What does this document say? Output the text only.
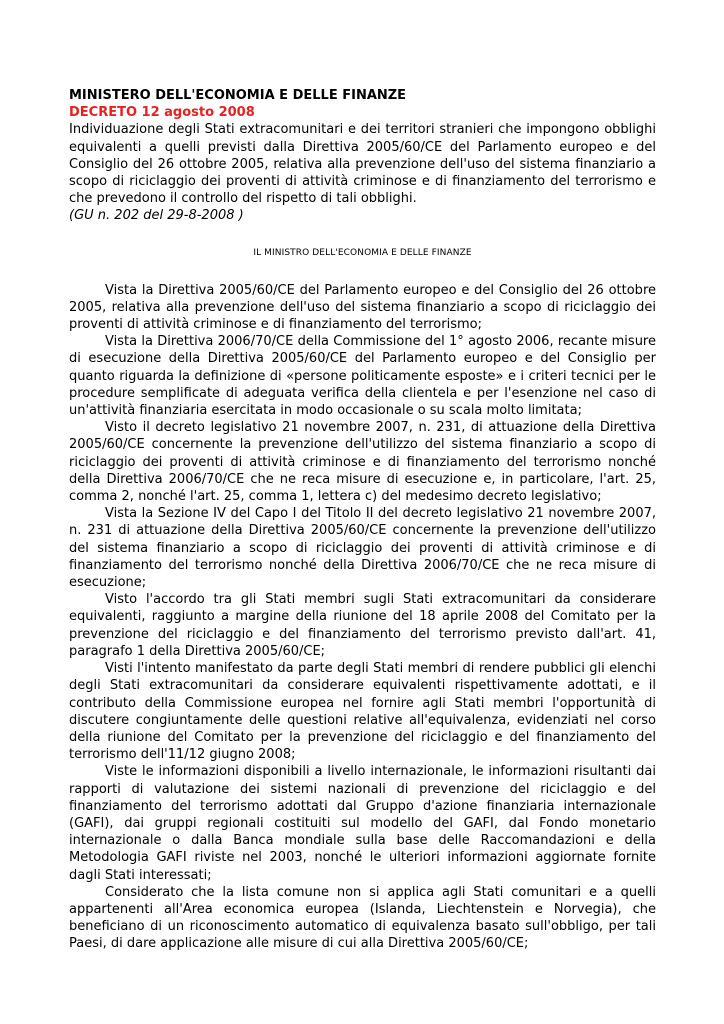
MINISTERO DELL'ECONOMIA E DELLE FINANZE

DECRETO 12 agosto 2008

Individuazione degli Stati extracomunitari e dei territori stranieri che impongono obblighi equivalenti a quelli previsti dalla Direttiva 2005/60/CE del Parlamento europeo e del Consiglio del 26 ottobre 2005, relativa alla prevenzione dell'uso del sistema finanziario a scopo di riciclaggio dei proventi di attività criminose e di finanziamento del terrorismo e che prevedono il controllo del rispetto di tali obblighi.

(GU n. 202 del 29-8-2008 )

IL MINISTRO DELL'ECONOMIA E DELLE FINANZE

Vista la Direttiva 2005/60/CE del Parlamento europeo e del Consiglio del 26 ottobre 2005, relativa alla prevenzione dell'uso del sistema finanziario a scopo di riciclaggio dei proventi di attività criminose e di finanziamento del terrorismo;

Vista la Direttiva 2006/70/CE della Commissione del 1° agosto 2006, recante misure di esecuzione della Direttiva 2005/60/CE del Parlamento europeo e del Consiglio per quanto riguarda la definizione di «persone politicamente esposte» e i criteri tecnici per le procedure semplificate di adeguata verifica della clientela e per l'esenzione nel caso di un'attività finanziaria esercitata in modo occasionale o su scala molto limitata;

Visto il decreto legislativo 21 novembre 2007, n. 231, di attuazione della Direttiva 2005/60/CE concernente la prevenzione dell'utilizzo del sistema finanziario a scopo di riciclaggio dei proventi di attività criminose e di finanziamento del terrorismo nonché della Direttiva 2006/70/CE che ne reca misure di esecuzione e, in particolare, l'art. 25, comma 2, nonché l'art. 25, comma 1, lettera c) del medesimo decreto legislativo;

Vista la Sezione IV del Capo I del Titolo II del decreto legislativo 21 novembre 2007, n. 231 di attuazione della Direttiva 2005/60/CE concernente la prevenzione dell'utilizzo del sistema finanziario a scopo di riciclaggio dei proventi di attività criminose e di finanziamento del terrorismo nonché della Direttiva 2006/70/CE che ne reca misure di esecuzione;

Visto l'accordo tra gli Stati membri sugli Stati extracomunitari da considerare equivalenti, raggiunto a margine della riunione del 18 aprile 2008 del Comitato per la prevenzione del riciclaggio e del finanziamento del terrorismo previsto dall'art. 41, paragrafo 1 della Direttiva 2005/60/CE;

Visti l'intento manifestato da parte degli Stati membri di rendere pubblici gli elenchi degli Stati extracomunitari da considerare equivalenti rispettivamente adottati, e il contributo della Commissione europea nel fornire agli Stati membri l'opportunità di discutere congiuntamente delle questioni relative all'equivalenza, evidenziati nel corso della riunione del Comitato per la prevenzione del riciclaggio e del finanziamento del terrorismo dell'11/12 giugno 2008;

Viste le informazioni disponibili a livello internazionale, le informazioni risultanti dai rapporti di valutazione dei sistemi nazionali di prevenzione del riciclaggio e del finanziamento del terrorismo adottati dal Gruppo d'azione finanziaria internazionale (GAFI), dai gruppi regionali costituiti sul modello del GAFI, dal Fondo monetario internazionale o dalla Banca mondiale sulla base delle Raccomandazioni e della Metodologia GAFI riviste nel 2003, nonché le ulteriori informazioni aggiornate fornite dagli Stati interessati;

Considerato che la lista comune non si applica agli Stati comunitari e a quelli appartenenti all'Area economica europea (Islanda, Liechtenstein e Norvegia), che beneficiano di un riconoscimento automatico di equivalenza basato sull'obbligo, per tali Paesi, di dare applicazione alle misure di cui alla Direttiva 2005/60/CE;
